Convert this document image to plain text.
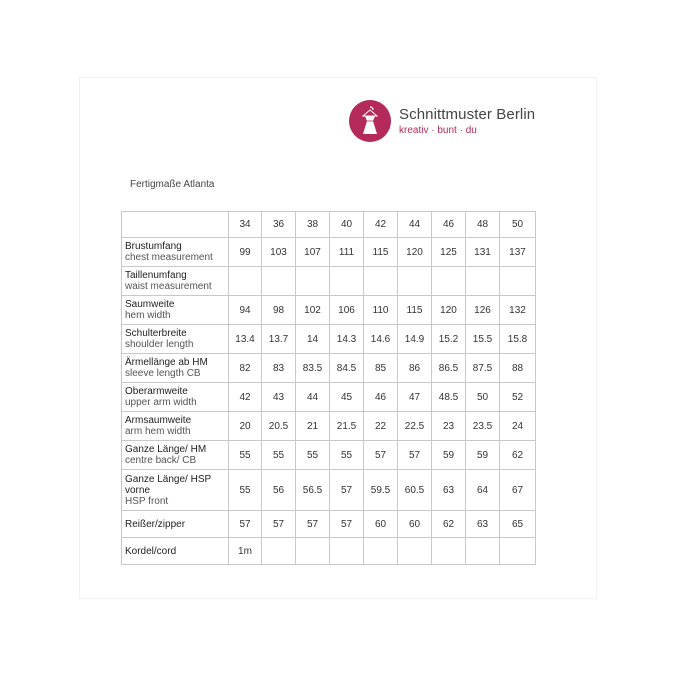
Schnittmuster Berlin
kreativ · bunt · du
Fertigmaße Atlanta
	34	36	38	40	42	44	46	48	50

Brustumfang
chest measurement	99	103	107	111	115	120	125	131	137

Taillenumfang
waist measurement									

Saumweite
hem width	94	98	102	106	110	115	120	126	132

Schulterbreite
shoulder length	13.4	13.7	14	14.3	14.6	14.9	15.2	15.5	15.8

Ärmellänge ab HM
sleeve length CB	82	83	83.5	84.5	85	86	86.5	87.5	88

Oberarmweite
upper arm width	42	43	44	45	46	47	48.5	50	52

Armsaumweite
arm hem width	20	20.5	21	21.5	22	22.5	23	23.5	24

Ganze Länge/ HM
centre back/ CB	55	55	55	55	57	57	59	59	62

Ganze Länge/ HSP vorne
HSP front	55	56	56.5	57	59.5	60.5	63	64	67

Reißer/zipper	57	57	57	57	60	60	62	63	65

Kordel/cord	1m								
